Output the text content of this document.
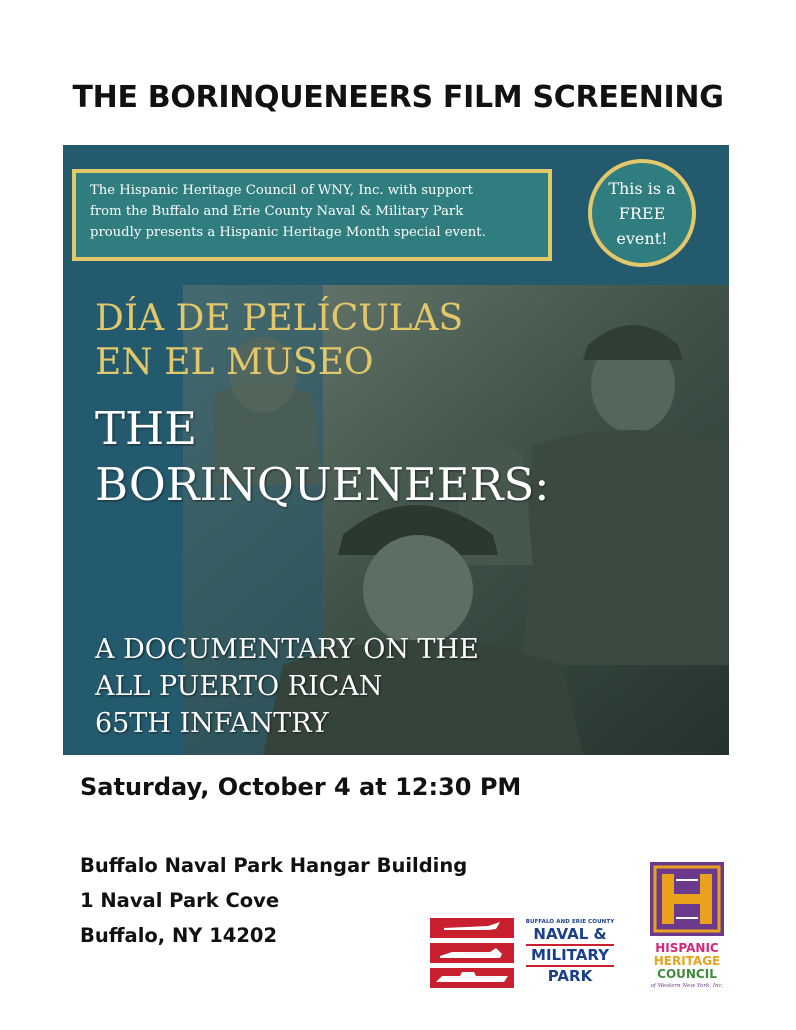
THE BORINQUENEERS FILM SCREENING

The Hispanic Heritage Council of WNY, Inc. with support
from the Buffalo and Erie County Naval & Military Park
proudly presents a Hispanic Heritage Month special event.

This is a
FREE
event!

DÍA DE PELÍCULAS
EN EL MUSEO

THE
BORINQUENEERS:

A DOCUMENTARY ON THE
ALL PUERTO RICAN
65TH INFANTRY

Saturday, October 4 at 12:30 PM

Buffalo Naval Park Hangar Building
1 Naval Park Cove
Buffalo, NY 14202
BUFFALO AND ERIE COUNTY
NAVAL &
MILITARY
PARK
HISPANIC
HERITAGE
COUNCIL
of Western New York, Inc.
